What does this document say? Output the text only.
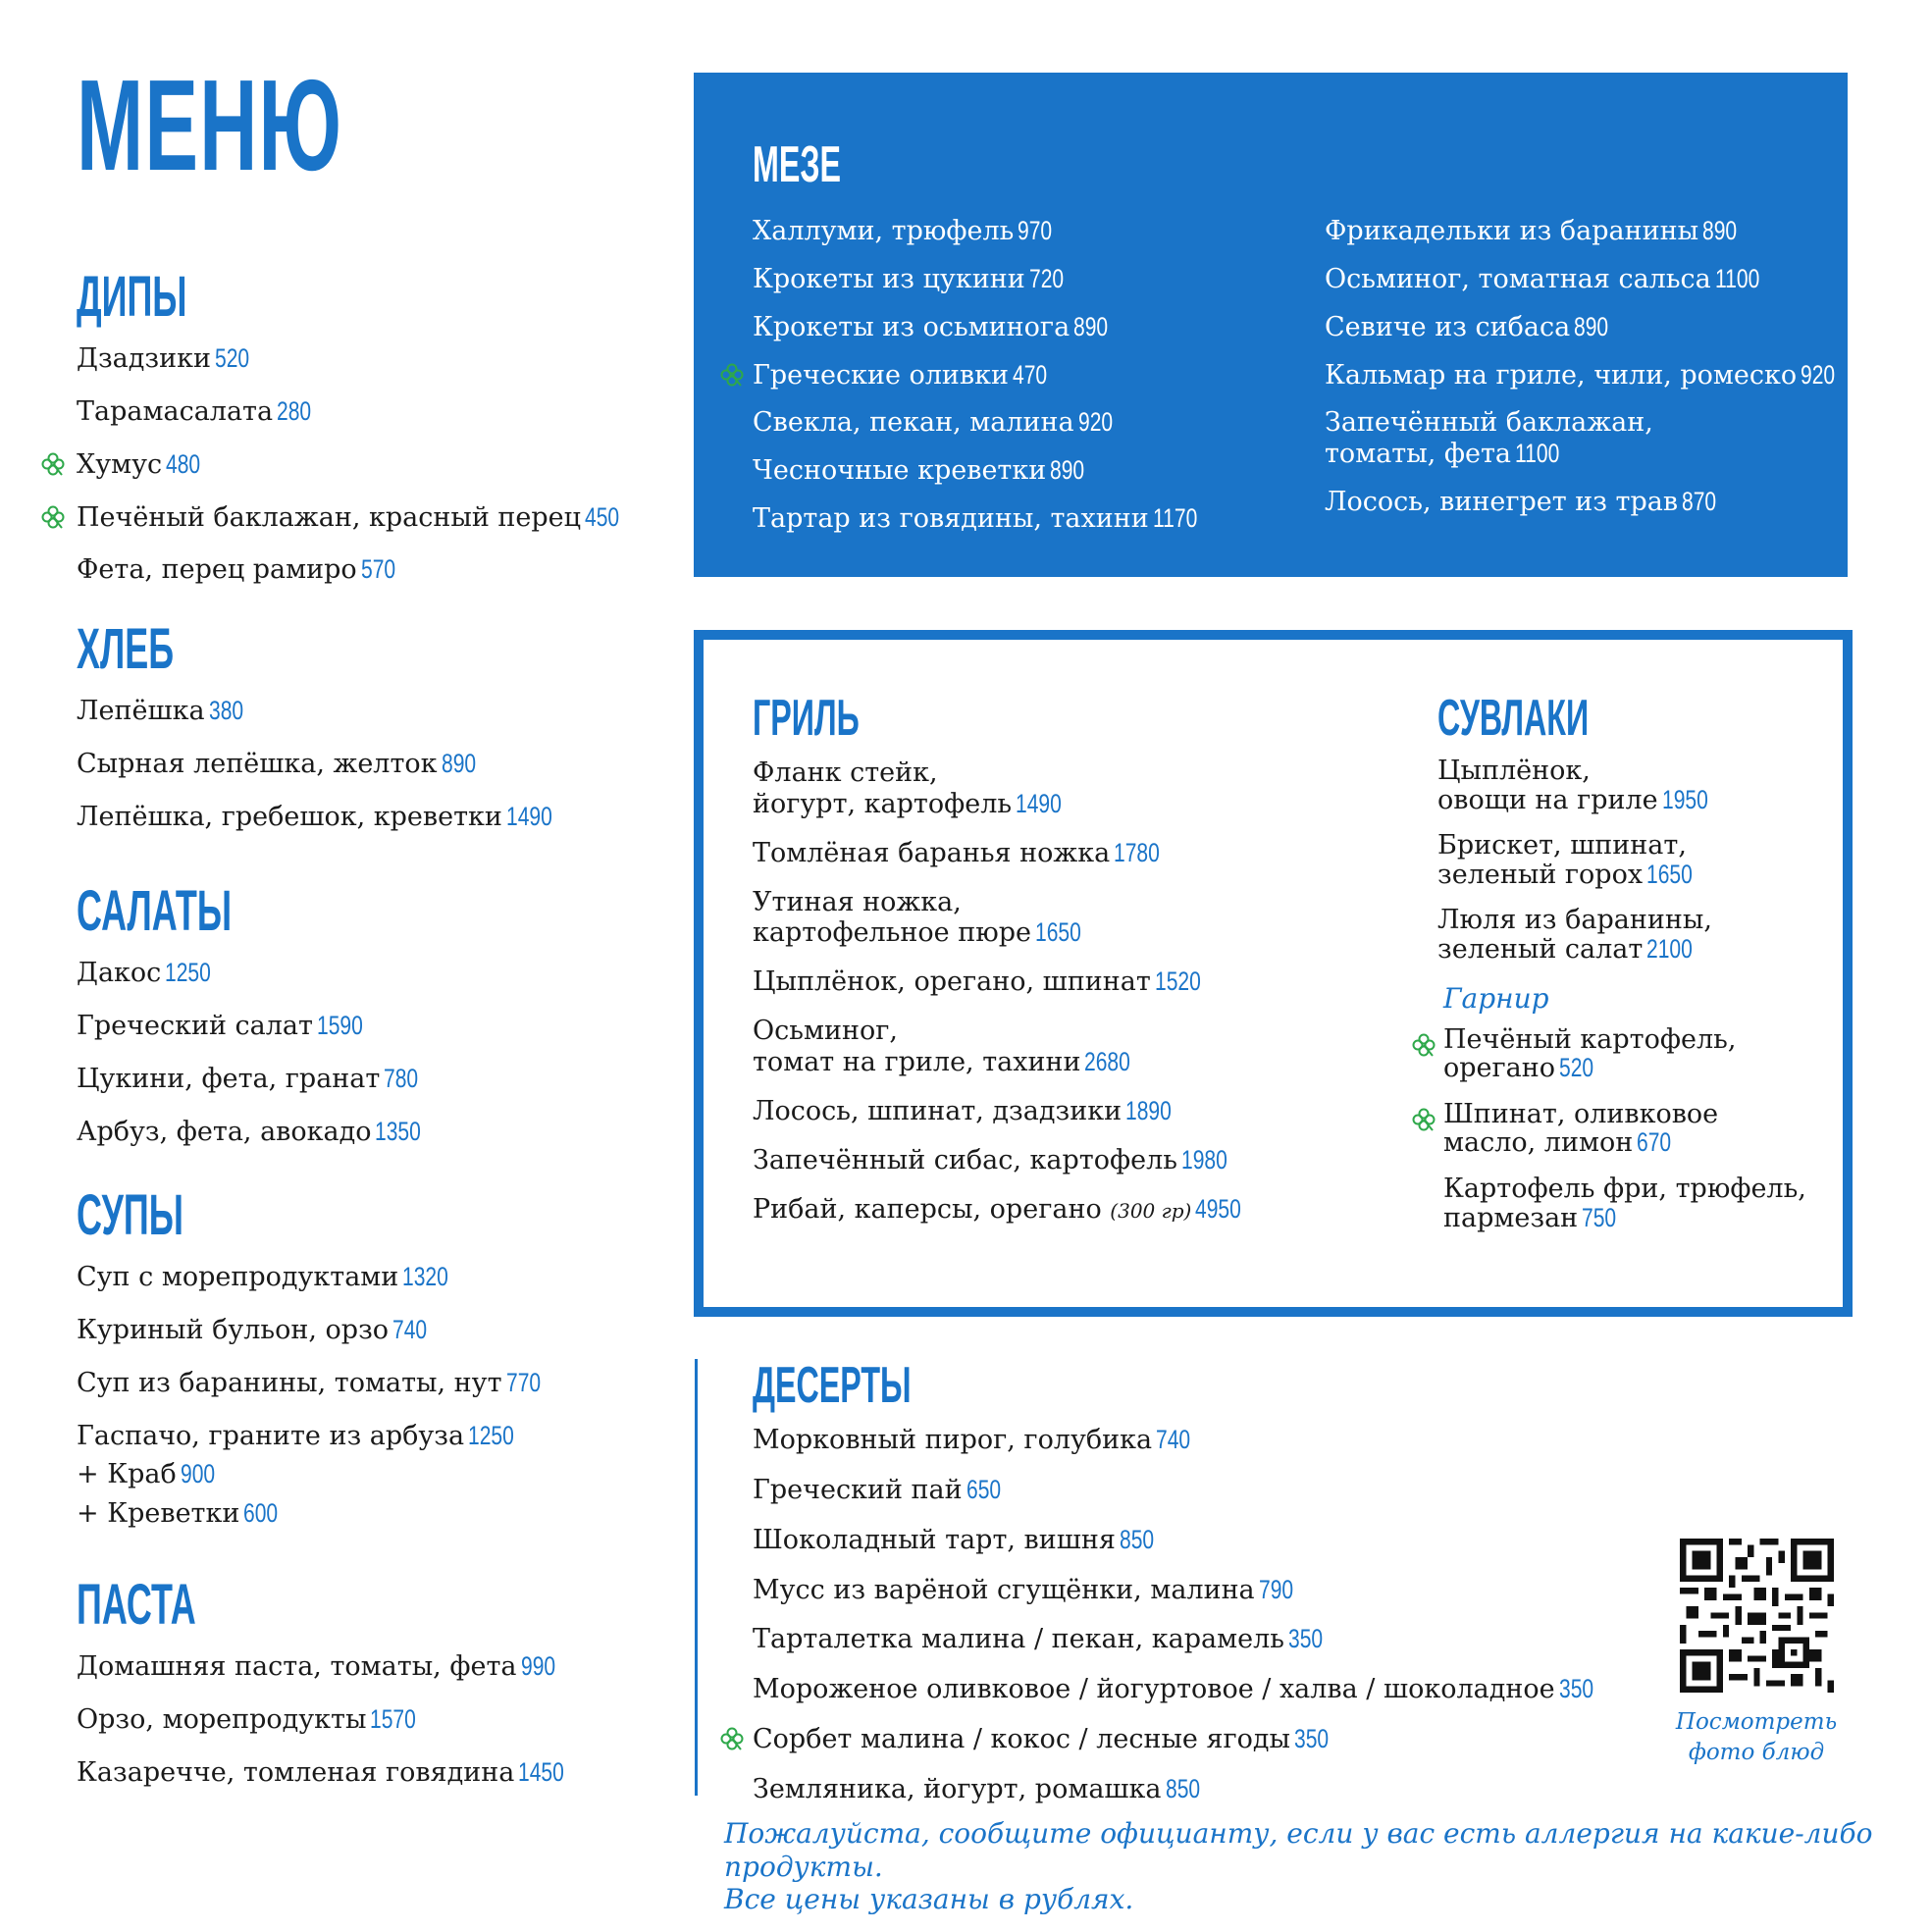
МЕНЮ
ДИПЫ
Дзадзики 520
Тарамасалата 280
Хумус 480
Печёный баклажан, красный перец 450
Фета, перец рамиро 570
ХЛЕБ
Лепёшка 380
Сырная лепёшка, желток 890
Лепёшка, гребешок, креветки 1490
САЛАТЫ
Дакос 1250
Греческий салат 1590
Цукини, фета, гранат 780
Арбуз, фета, авокадо 1350
СУПЫ
Суп с морепродуктами 1320
Куриный бульон, орзо 740
Суп из баранины, томаты, нут 770
Гаспачо, граните из арбуза 1250
+ Краб 900
+ Креветки 600
ПАСТА
Домашняя паста, томаты, фета 990
Орзо, морепродукты 1570
Казаречче, томленая говядина 1450
МЕЗЕ
Халлуми, трюфель 970
Крокеты из цукини 720
Крокеты из осьминога 890
Греческие оливки 470
Свекла, пекан, малина 920
Чесночные креветки 890
Тартар из говядины, тахини 1170
Фрикадельки из баранины 890
Осьминог, томатная сальса 1100
Севиче из сибаса 890
Кальмар на гриле, чили, ромеско 920
Запечённый баклажан,
томаты, фета 1100
Лосось, винегрет из трав 870
ГРИЛЬ
Фланк стейк,
йогурт, картофель 1490
Томлёная баранья ножка 1780
Утиная ножка,
картофельное пюре 1650
Цыплёнок, орегано, шпинат 1520
Осьминог,
томат на гриле, тахини 2680
Лосось, шпинат, дзадзики 1890
Запечённый сибас, картофель 1980
Рибай, каперсы, орегано (300 гр) 4950
СУВЛАКИ
Цыплёнок,
овощи на гриле 1950
Брискет, шпинат,
зеленый горох 1650
Люля из баранины,
зеленый салат 2100
Гарнир
Печёный картофель,
орегано 520
Шпинат, оливковое
масло, лимон 670
Картофель фри, трюфель,
пармезан 750
ДЕСЕРТЫ
Морковный пирог, голубика 740
Греческий пай 650
Шоколадный тарт, вишня 850
Мусс из варёной сгущёнки, малина 790
Тарталетка малина / пекан, карамель 350
Мороженое оливковое / йогуртовое / халва / шоколадное 350
Сорбет малина / кокос / лесные ягоды 350
Земляника, йогурт, ромашка 850
Посмотреть
фото блюд
Пожалуйста, сообщите официанту, если у вас есть аллергия на какие-либо продукты.
Все цены указаны в рублях.
